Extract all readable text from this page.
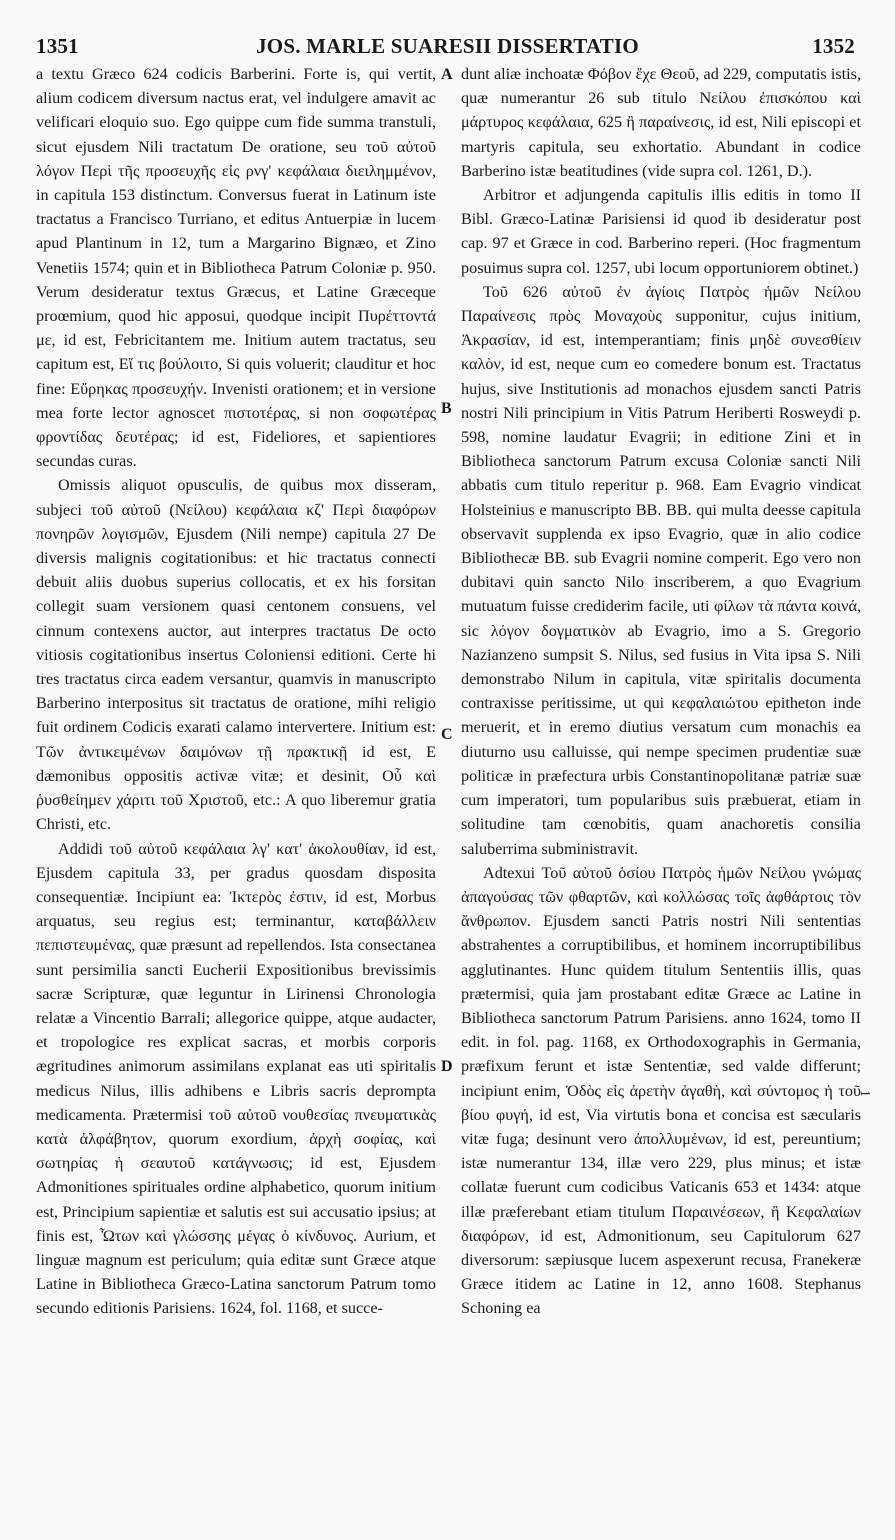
1351	JOS. MARLE SUARESII DISSERTATIO	1352

a textu Græco 624 codicis Barberini. Forte is, qui vertit, alium codicem diversum nactus erat, vel indulgere amavit ac velificari eloquio suo. Ego quippe cum fide summa transtuli, sicut ejusdem Nili tractatum De oratione, seu τοῦ αὐτοῦ λόγον Περὶ τῆς προσευχῆς εἰς ρνγ' κεφάλαια διειλημμένον, in capitula 153 distinctum. Conversus fuerat in Latinum iste tractatus a Francisco Turriano, et editus Antuerpiæ in lucem apud Plantinum in 12, tum a Margarino Bignæo, et Zino Venetiis 1574; quin et in Bibliotheca Patrum Coloniæ p. 950. Verum desideratur textus Græcus, et Latine Græceque proœmium, quod hic apposui, quodque incipit Πυρέττοντά με, id est, Febricitantem me. Initium autem tractatus, seu capitum est, Εἴ τις βούλοιτο, Si quis voluerit; clauditur et hoc fine: Εὔρηκας προσευχήν. Invenisti orationem; et in versione mea forte lector agnoscet πιστοτέρας, si non σοφωτέρας φροντίδας δευτέρας; id est, Fideliores, et sapientiores secundas curas.

Omissis aliquot opusculis, de quibus mox disseram, subjeci τοῦ αὐτοῦ (Νείλου) κεφάλαια κζ' Περὶ διαφόρων πονηρῶν λογισμῶν, Ejusdem (Nili nempe) capitula 27 De diversis malignis cogitationibus: et hic tractatus connecti debuit aliis duobus superius collocatis, et ex his forsitan collegit suam versionem quasi centonem consuens, vel cinnum contexens auctor, aut interpres tractatus De octo vitiosis cogitationibus insertus Coloniensi editioni. Certe hi tres tractatus circa eadem versantur, quamvis in manuscripto Barberino interpositus sit tractatus de oratione, mihi religio fuit ordinem Codicis exarati calamo intervertere. Initium est: Τῶν ἀντικειμένων δαιμόνων τῇ πρακτικῇ id est, E dæmonibus oppositis activæ vitæ; et desinit, Οὗ καὶ ῥυσθείημεν χάριτι τοῦ Χριστοῦ, etc.: A quo liberemur gratia Christi, etc.

Addidi τοῦ αὐτοῦ κεφάλαια λγ' κατ' ἀκολουθίαν, id est, Ejusdem capitula 33, per gradus quosdam disposita consequentiæ. Incipiunt ea: Ἰκτερὸς ἐστιν, id est, Morbus arquatus, seu regius est; terminantur, καταβάλλειν πεπιστευμένας, quæ præsunt ad repellendos. Ista consectanea sunt persimilia sancti Eucherii Expositionibus brevissimis sacræ Scripturæ, quæ leguntur in Lirinensi Chronologia relatæ a Vincentio Barrali; allegorice quippe, atque audacter, et tropologice res explicat sacras, et morbis corporis ægritudines animorum assimilans explanat eas uti spiritalis medicus Nilus, illis adhibens e Libris sacris deprompta medicamenta. Prætermisi τοῦ αὐτοῦ νουθεσίας πνευματικὰς κατὰ ἀλφάβητον, quorum exordium, ἀρχὴ σοφίας, καὶ σωτηρίας ἡ σεαυτοῦ κατάγνωσις; id est, Ejusdem Admonitiones spirituales ordine alphabetico, quorum initium est, Principium sapientiæ et salutis est sui accusatio ipsius; at finis est, Ὦτων καὶ γλώσσης μέγας ὁ κίνδυνος. Aurium, et linguæ magnum est periculum; quia editæ sunt Græce atque Latine in Bibliotheca Græco-Latina sanctorum Patrum tomo secundo editionis Parisiens. 1624, fol. 1168, et succe-

dunt aliæ inchoatæ Φόβον ἔχε Θεοῦ, ad 229, computatis istis, quæ numerantur 26 sub titulo Νείλου ἐπισκόπου καὶ μάρτυρος κεφάλαια, 625 ἢ παραίνεσις, id est, Nili episcopi et martyris capitula, seu exhortatio. Abundant in codice Barberino istæ beatitudines (vide supra col. 1261, D.).

Arbitror et adjungenda capitulis illis editis in tomo II Bibl. Græco-Latinæ Parisiensi id quod ib desideratur post cap. 97 et Græce in cod. Barberino reperi. (Hoc fragmentum posuimus supra col. 1257, ubi locum opportuniorem obtinet.)

Τοῦ 626 αὐτοῦ ἐν ἁγίοις Πατρὸς ἡμῶν Νείλου Παραίνεσις πρὸς Μοναχοὺς supponitur, cujus initium, Ἀκρασίαν, id est, intemperantiam; finis μηδὲ συνεσθίειν καλὸν, id est, neque cum eo comedere bonum est. Tractatus hujus, sive Institutionis ad monachos ejusdem sancti Patris nostri Nili principium in Vitis Patrum Heriberti Rosweydi p. 598, nomine laudatur Evagrii; in editione Zini et in Bibliotheca sanctorum Patrum excusa Coloniæ sancti Nili abbatis cum titulo reperitur p. 968. Eam Evagrio vindicat Holsteinius e manuscripto BB. BB. qui multa deesse capitula observavit supplenda ex ipso Evagrio, quæ in alio codice Bibliothecæ BB. sub Evagrii nomine comperit. Ego vero non dubitavi quin sancto Nilo inscriberem, a quo Evagrium mutuatum fuisse crediderim facile, uti φίλων τὰ πάντα κοινά, sic λόγον δογματικὸν ab Evagrio, imo a S. Gregorio Nazianzeno sumpsit S. Nilus, sed fusius in Vita ipsa S. Nili demonstrabo Nilum in capitula, vitæ spiritalis documenta contraxisse peritissime, ut qui κεφαλαιώτου epitheton inde meruerit, et in eremo diutius versatum cum monachis ea diuturno usu calluisse, qui nempe specimen prudentiæ suæ politicæ in præfectura urbis Constantinopolitanæ patriæ suæ cum imperatori, tum popularibus suis præbuerat, etiam in solitudine tam cœnobitis, quam anachoretis consilia saluberrima subministravit.

Adtexui Τοῦ αὐτοῦ ὁσίου Πατρὸς ἡμῶν Νείλου γνώμας ἀπαγούσας τῶν φθαρτῶν, καὶ κολλώσας τοῖς ἀφθάρτοις τὸν ἄνθρωπον. Ejusdem sancti Patris nostri Nili sententias abstrahentes a corruptibilibus, et hominem incorruptibilibus agglutinantes. Hunc quidem titulum Sententiis illis, quas prætermisi, quia jam prostabant editæ Græce ac Latine in Bibliotheca sanctorum Patrum Parisiens. anno 1624, tomo II edit. in fol. pag. 1168, ex Orthodoxographis in Germania, præfixum ferunt et istæ Sententiæ, sed valde differunt; incipiunt enim, Ὁδὸς εἰς ἀρετὴν ἀγαθὴ, καὶ σύντομος ἡ τοῦ βίου φυγή, id est, Via virtutis bona et concisa est sæcularis vitæ fuga; desinunt vero ἀπολλυμένων, id est, pereuntium; istæ numerantur 134, illæ vero 229, plus minus; et istæ collatæ fuerunt cum codicibus Vaticanis 653 et 1434: atque illæ præferebant etiam titulum Παραινέσεων, ἢ Κεφαλαίων διαφόρων, id est, Admonitionum, seu Capitulorum 627 diversorum: sæpiusque lucem aspexerunt recusa, Franekeræ Græce itidem ac Latine in 12, anno 1608. Stephanus Schoning ea

A
B
C
D
1
